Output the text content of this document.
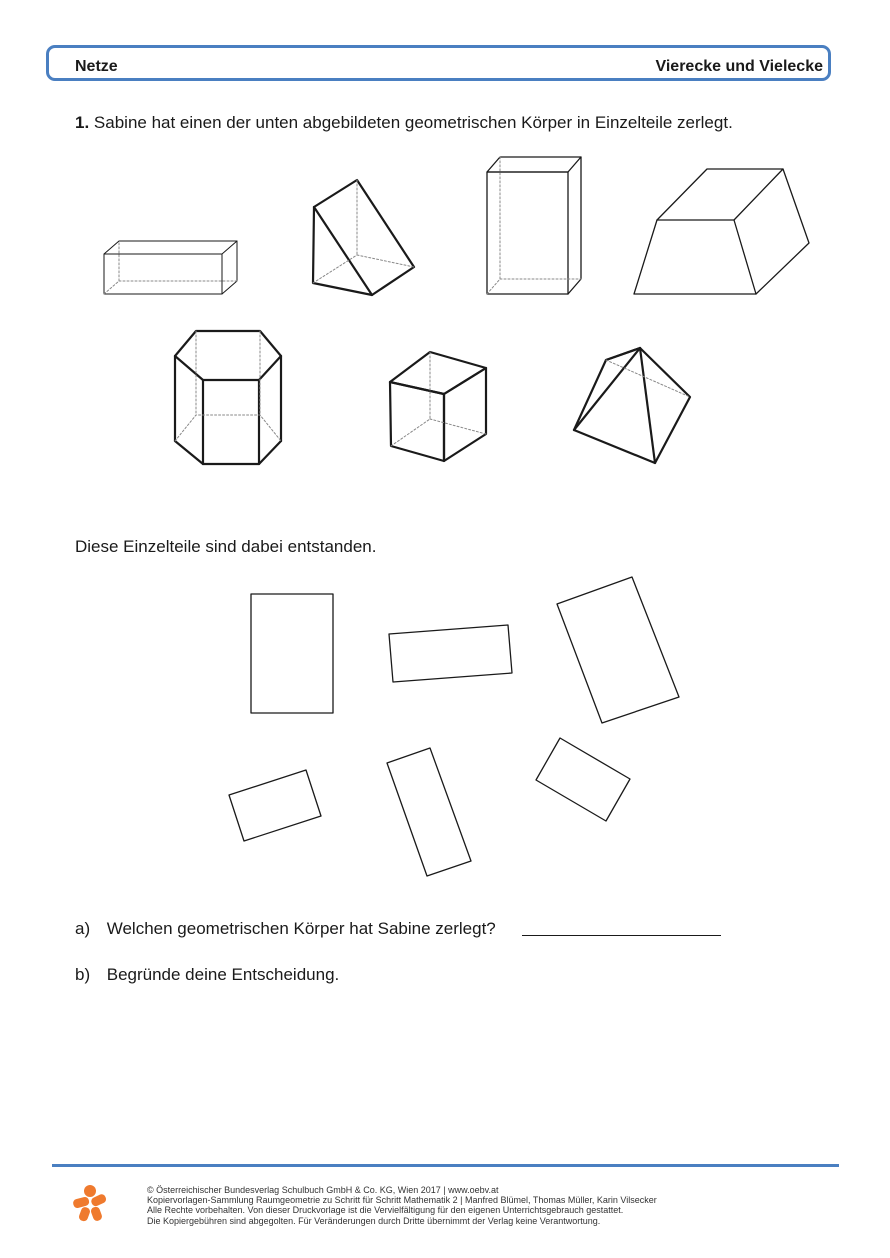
Netze	Vierecke und Vielecke
1. Sabine hat einen der unten abgebildeten geometrischen Körper in Einzelteile zerlegt.
Diese Einzelteile sind dabei entstanden.
a) Welchen geometrischen Körper hat Sabine zerlegt?
b) Begründe deine Entscheidung.
© Österreichischer Bundesverlag Schulbuch GmbH & Co. KG, Wien 2017 | www.oebv.at
Kopiervorlagen-Sammlung Raumgeometrie zu Schritt für Schritt Mathematik 2 | Manfred Blümel, Thomas Müller, Karin Vilsecker
Alle Rechte vorbehalten. Von dieser Druckvorlage ist die Vervielfältigung für den eigenen Unterrichtsgebrauch gestattet.
Die Kopiergebühren sind abgegolten. Für Veränderungen durch Dritte übernimmt der Verlag keine Verantwortung.
